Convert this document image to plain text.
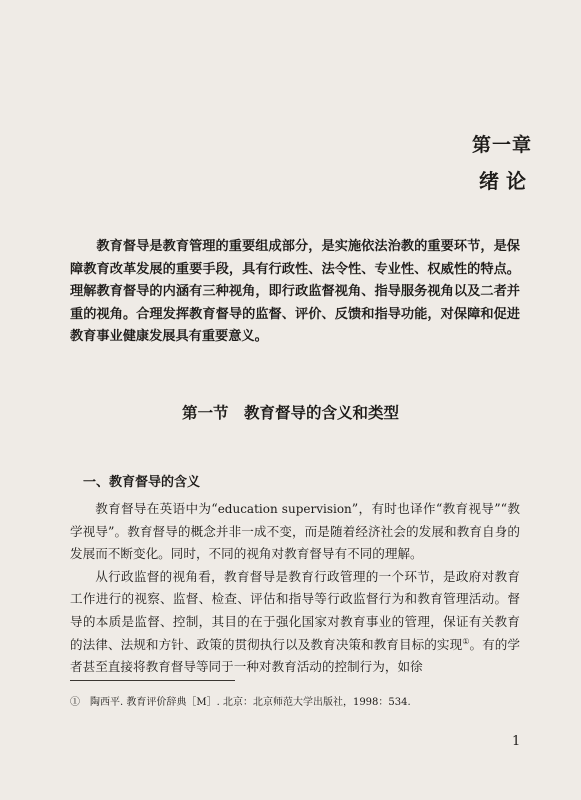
第一章
绪论

教育督导是教育管理的重要组成部分，是实施依法治教的重要环节，是保障教育改革发展的重要手段，具有行政性、法令性、专业性、权威性的特点。理解教育督导的内涵有三种视角，即行政监督视角、指导服务视角以及二者并重的视角。合理发挥教育督导的监督、评价、反馈和指导功能，对保障和促进教育事业健康发展具有重要意义。

第一节　教育督导的含义和类型
一、教育督导的含义

教育督导在英语中为“education supervision”，有时也译作“教育视导”“教学视导”。教育督导的概念并非一成不变，而是随着经济社会的发展和教育自身的发展而不断变化。同时，不同的视角对教育督导有不同的理解。

从行政监督的视角看，教育督导是教育行政管理的一个环节，是政府对教育工作进行的视察、监督、检查、评估和指导等行政监督行为和教育管理活动。督导的本质是监督、控制，其目的在于强化国家对教育事业的管理，保证有关教育的法律、法规和方针、政策的贯彻执行以及教育决策和教育目标的实现①。有的学者甚至直接将教育督导等同于一种对教育活动的控制行为，如徐

①　陶西平. 教育评价辞典［M］. 北京：北京师范大学出版社，1998：534.
1
